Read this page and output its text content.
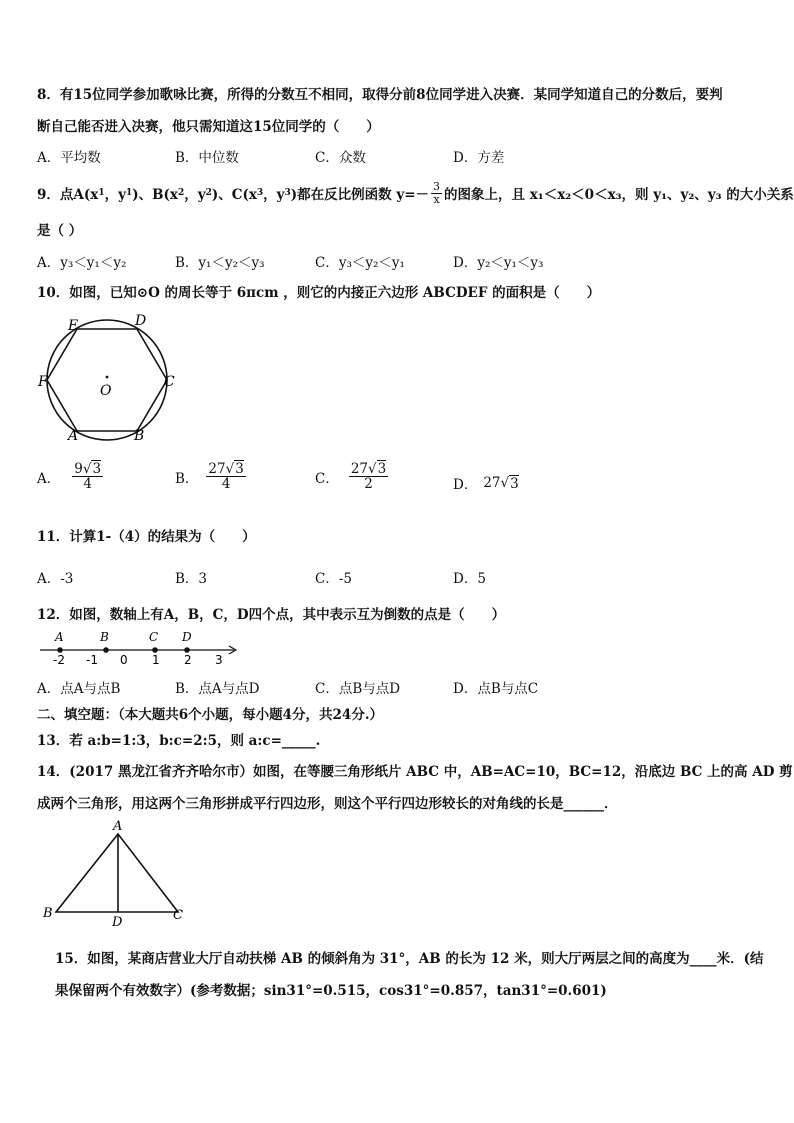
8．有15位同学参加歌咏比赛，所得的分数互不相同，取得分前8位同学进入决赛．某同学知道自己的分数后，要判
断自己能否进入决赛，他只需知道这15位同学的（　　）
A．平均数	B．中位数	C．众数	D．方差
9．点A(x 1 ，y 1 )、B(x 2 ，y 2 )、C(x 3 ，y 3 )都在反比例函数 $y=- \frac{3}{x}$ 的图象上，且 x₁＜x₂＜0＜x₃，则 y₁、y₂、y₃ 的大小关系
是（ ）
A．y₃＜y₁＜y₂	B．y₁＜y₂＜y₃	C．y₃＜y₂＜y₁	D．y₂＜y₁＜y₃
10．如图，已知⊙O 的周长等于 6πcm ，则它的内接正六边形 ABCDEF 的面积是（　　）
E	D
F	C
O
A	B
A． $\frac{9√3}{4}$	B． $\frac{27√3}{4}$	C． $\frac{27√3}{2}$	D． 27 √ 3
11．计算1-（4）的结果为（　　）
A．-3	B．3	C．-5	D．5
12．如图，数轴上有A，B，C，D四个点，其中表示互为倒数的点是（　　）
A	B	C D
-2 -1 0 1 2 3
A．点A与点B	B．点A与点D	C．点B与点D	D．点B与点C
二、填空题：（本大题共6个小题，每小题4分，共24分.）
13．若 a:b=1:3，b:c=2:5，则 a:c=_____.
14．(2017 黑龙江省齐齐哈尔市）如图，在等腰三角形纸片 ABC 中，AB=AC=10，BC=12，沿底边 BC 上的高 AD 剪
成两个三角形，用这两个三角形拼成平行四边形，则这个平行四边形较长的对角线的长是______．
A
B
D	C
15．如图，某商店营业大厅自动扶梯 AB 的倾斜角为 31°，AB 的长为 12 米，则大厅两层之间的高度为____米．(结
果保留两个有效数字）(参考数据；sin31°=0.515，cos31°=0.857，tan31°=0.601)
